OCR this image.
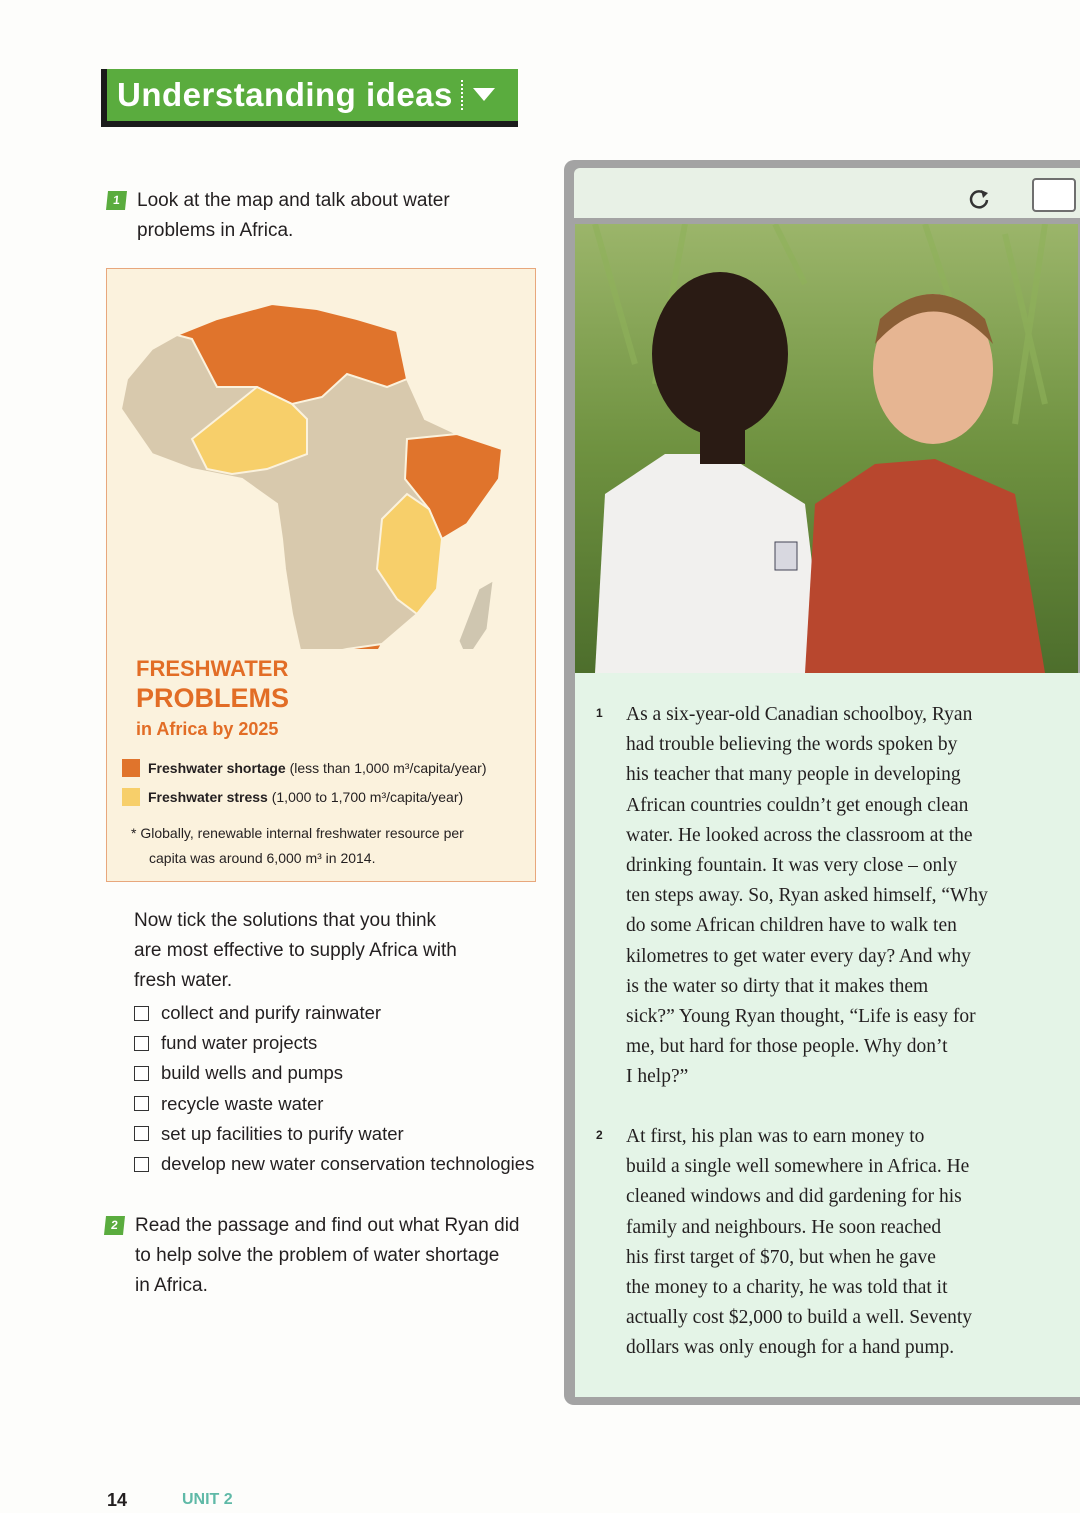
Understanding ideas
1 Look at the map and talk about water
problems in Africa.
FRESHWATER
PROBLEMS
in Africa by 2025
Freshwater shortage (less than 1,000 m³/capita/year)
Freshwater stress (1,000 to 1,700 m³/capita/year)
* Globally, renewable internal freshwater resource per
capita was around 6,000 m³ in 2014.
Now tick the solutions that you think
are most effective to supply Africa with
fresh water.
collect and purify rainwater
fund water projects
build wells and pumps
recycle waste water
set up facilities to purify water
develop new water conservation technologies
2 Read the passage and find out what Ryan did
to help solve the problem of water shortage
in Africa.
1	As a six-year-old Canadian schoolboy, Ryan
had trouble believing the words spoken by
his teacher that many people in developing
African countries couldn’t get enough clean
water. He looked across the classroom at the
drinking fountain. It was very close – only
ten steps away. So, Ryan asked himself, “Why
do some African children have to walk ten
kilometres to get water every day? And why
is the water so dirty that it makes them
sick?” Young Ryan thought, “Life is easy for
me, but hard for those people. Why don’t
I help?”
2	At first, his plan was to earn money to
build a single well somewhere in Africa. He
cleaned windows and did gardening for his
family and neighbours. He soon reached
his first target of $70, but when he gave
the money to a charity, he was told that it
actually cost $2,000 to build a well. Seventy
dollars was only enough for a hand pump.
14	UNIT 2
